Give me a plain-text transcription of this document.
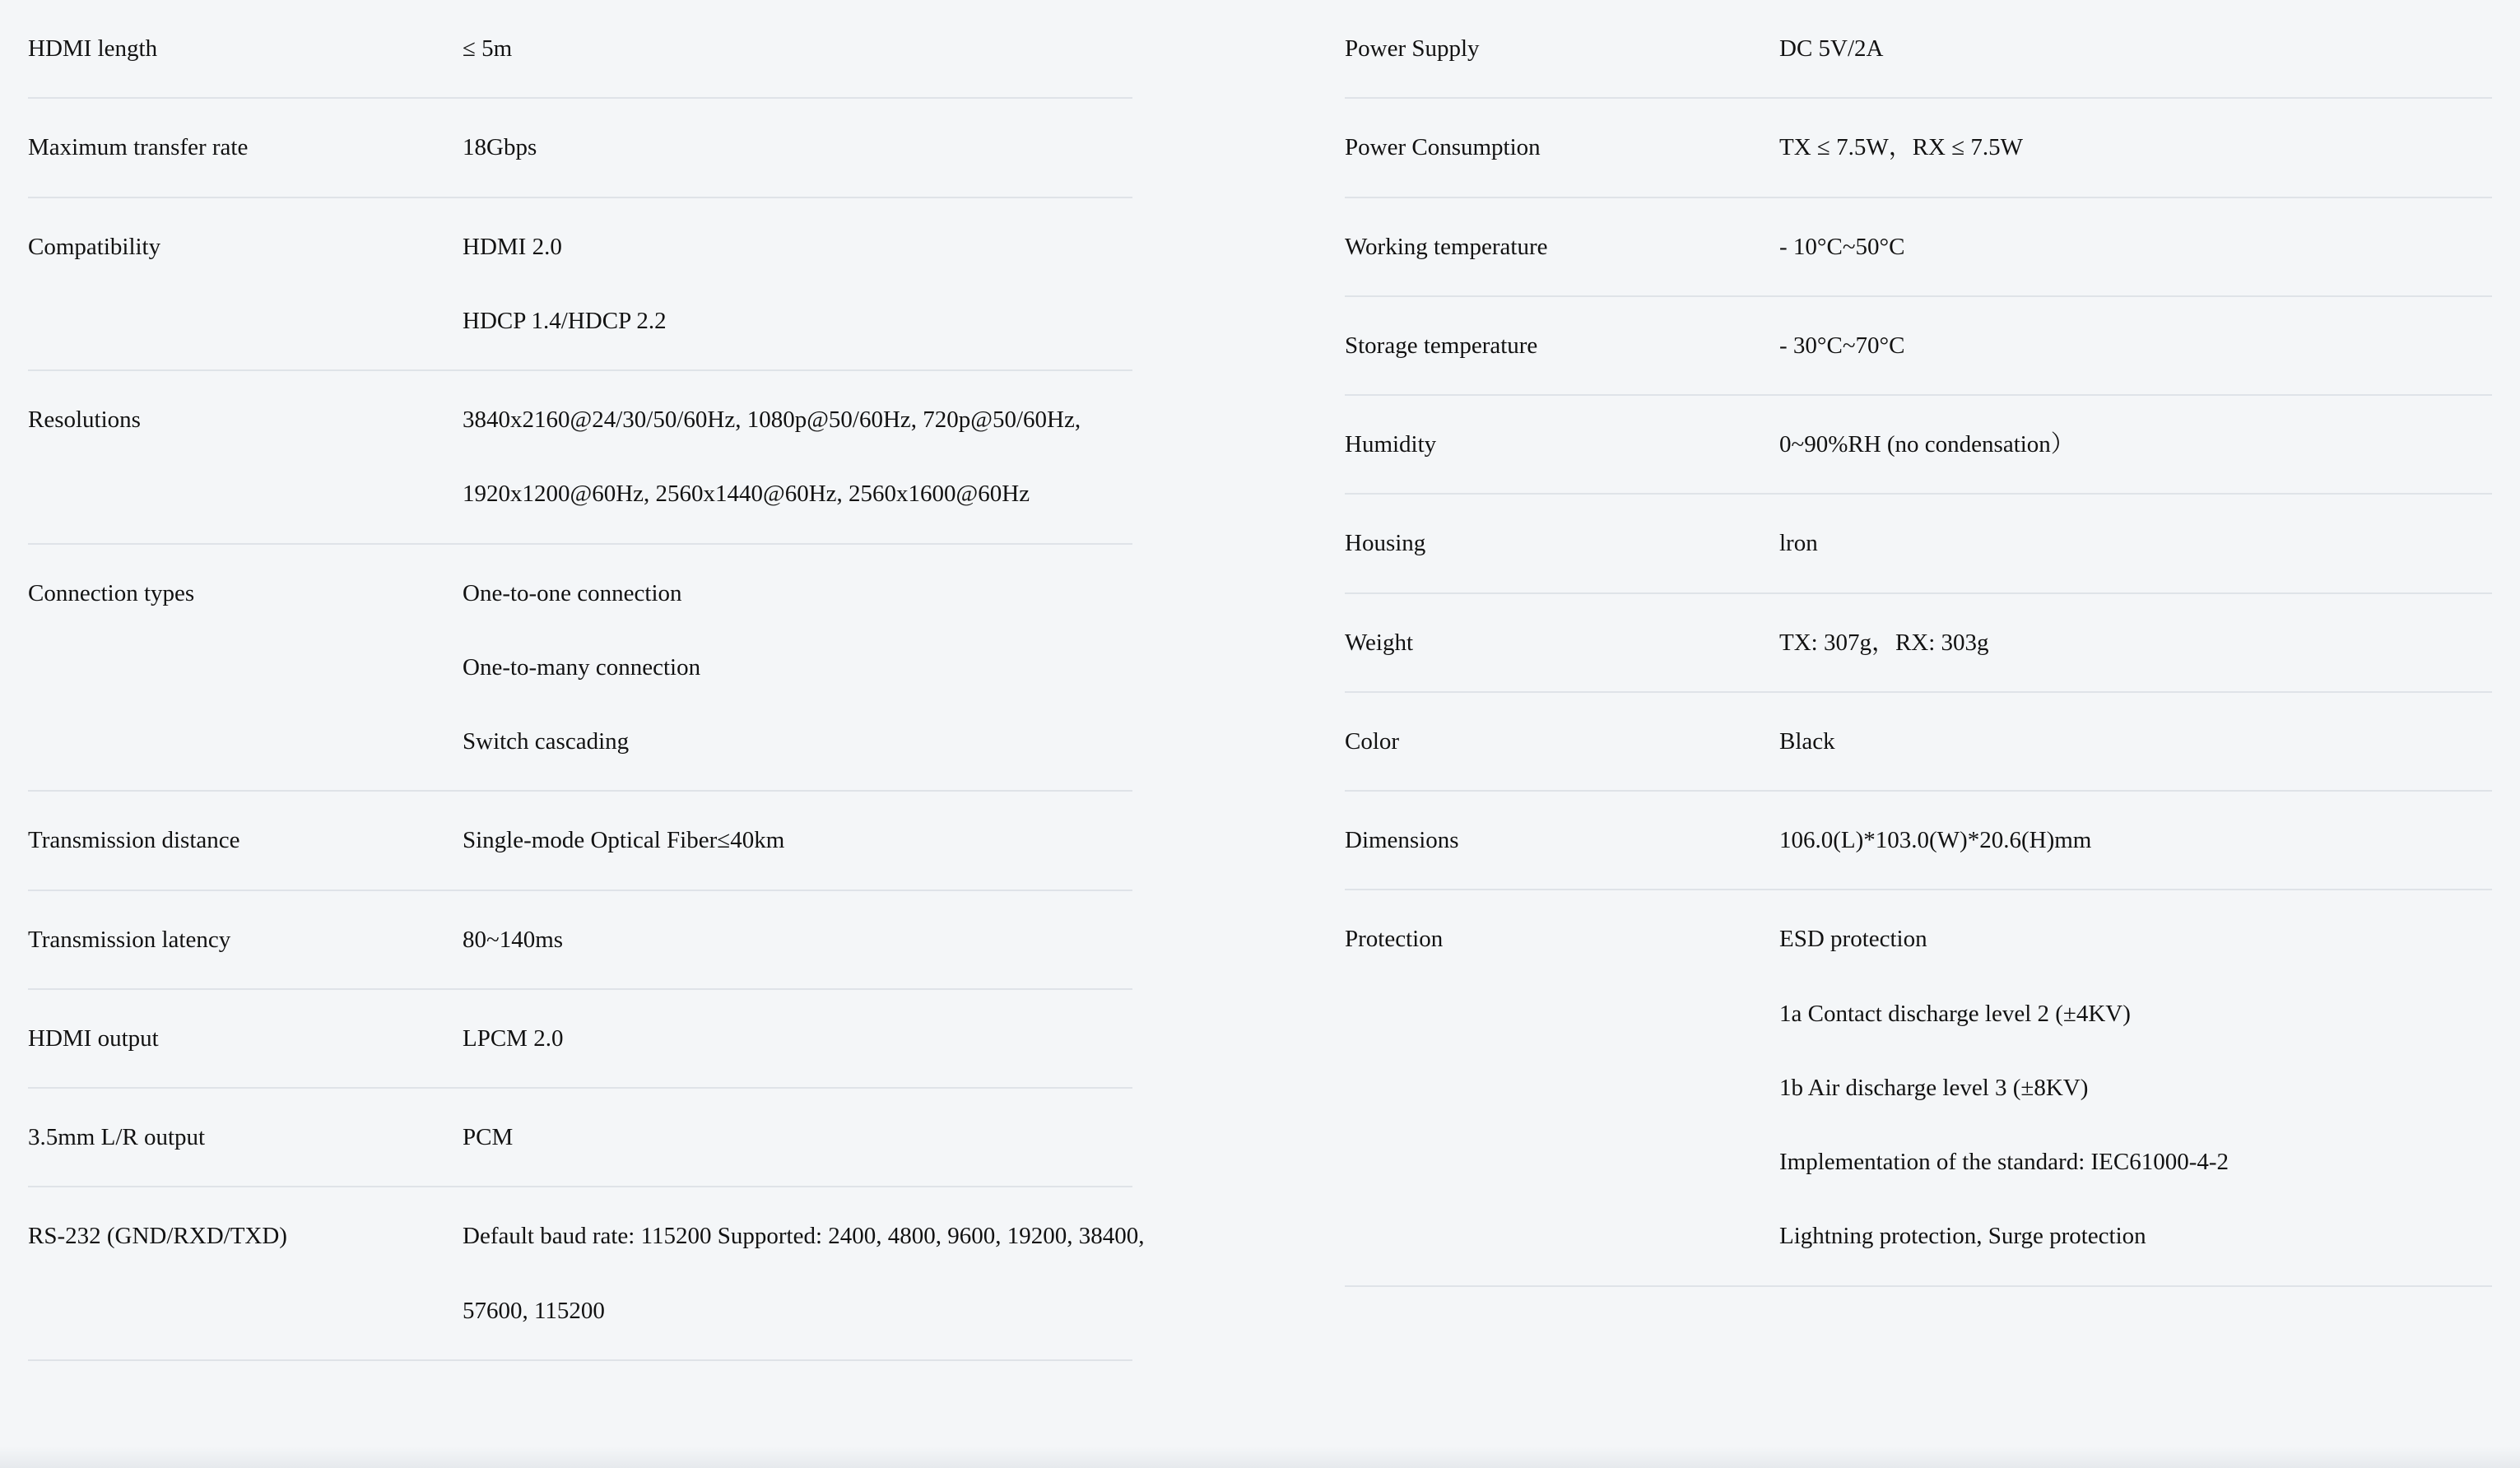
HDMI length	≤ 5m
Maximum transfer rate	18Gbps
Compatibility	HDMI 2.0
HDCP 1.4/HDCP 2.2
Resolutions	3840x2160@24/30/50/60Hz, 1080p@50/60Hz, 720p@50/60Hz,
1920x1200@60Hz, 2560x1440@60Hz, 2560x1600@60Hz
Connection types	One-to-one connection
One-to-many connection
Switch cascading
Transmission distance	Single-mode Optical Fiber≤40km
Transmission latency	80~140ms
HDMI output	LPCM 2.0
3.5mm L/R output	PCM
RS-232 (GND/RXD/TXD)	Default baud rate: 115200 Supported: 2400, 4800, 9600, 19200, 38400,
57600, 115200
Power Supply	DC 5V/2A
Power Consumption	TX ≤ 7.5W，RX ≤ 7.5W
Working temperature	- 10°C~50°C
Storage temperature	- 30°C~70°C
Humidity	0~90%RH (no condensation）
Housing	lron
Weight	TX: 307g，RX: 303g
Color	Black
Dimensions	106.0(L)*103.0(W)*20.6(H)mm
Protection	ESD protection
1a Contact discharge level 2 (±4KV)
1b Air discharge level 3 (±8KV)
Implementation of the standard: IEC61000-4-2
Lightning protection, Surge protection
